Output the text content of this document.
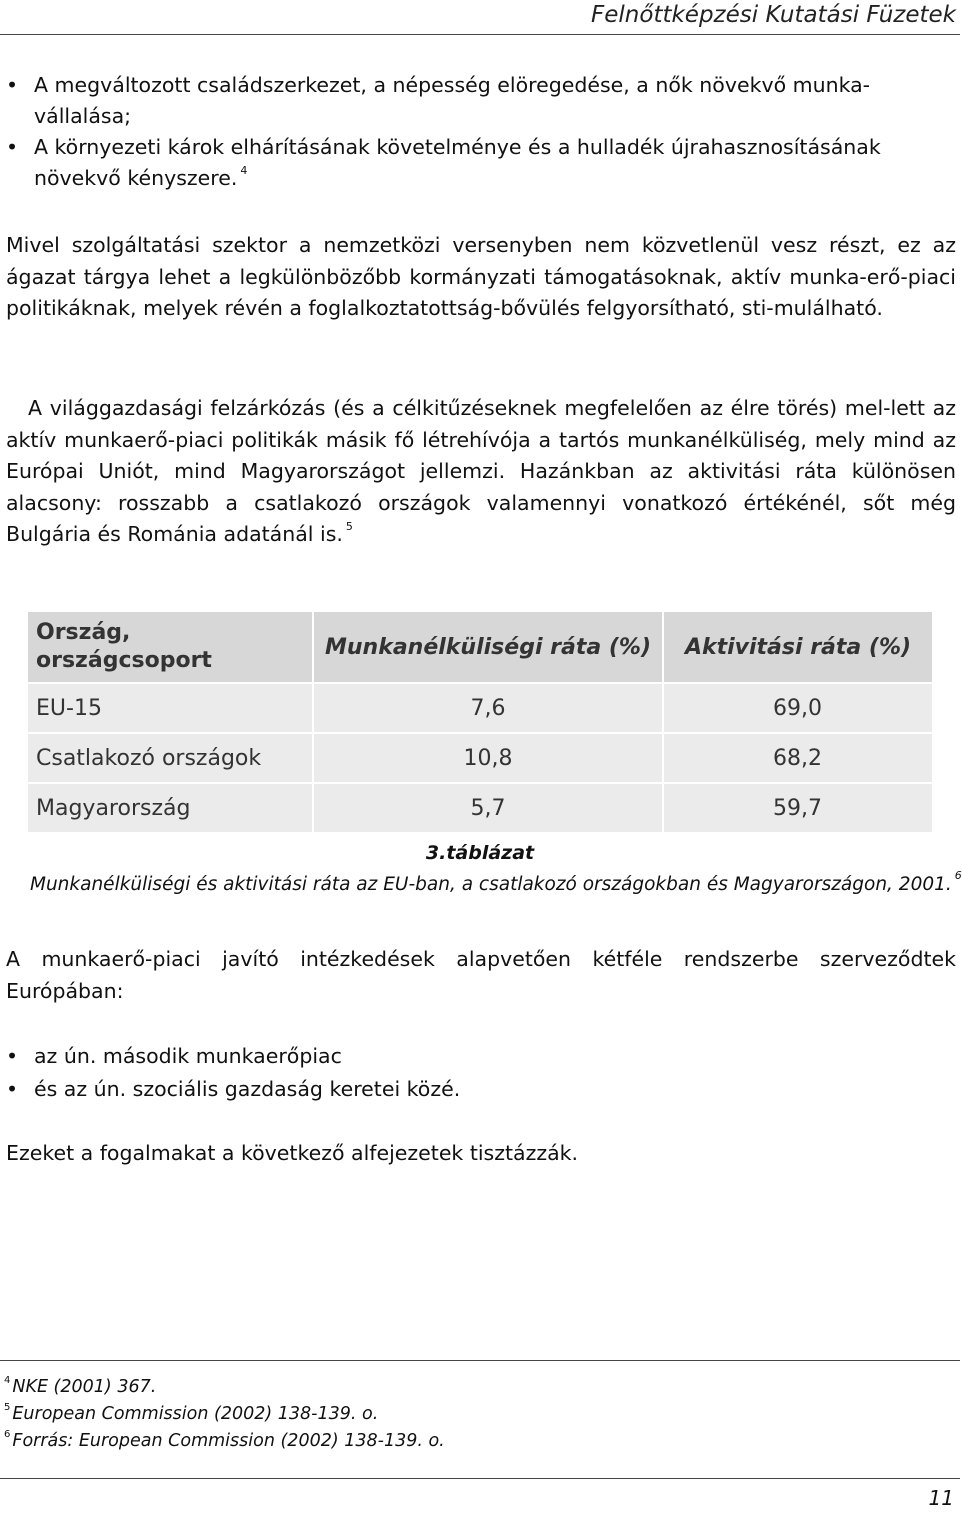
Felnőttképzési Kutatási Füzetek
• A megváltozott családszerkezet, a népesség elöregedése, a nők növekvő munka-vállalása;
• A környezeti károk elhárításának követelménye és a hulladék újrahasznosításának növekvő kényszere. $^4$

Mivel szolgáltatási szektor a nemzetközi versenyben nem közvetlenül vesz részt, ez az ágazat tárgya lehet a legkülönbözőbb kormányzati támogatásoknak, aktív munka-erő-piaci politikáknak, melyek révén a foglalkoztatottság-bővülés felgyorsítható, sti-mulálható.

A világgazdasági felzárkózás (és a célkitűzéseknek megfelelően az élre törés) mel-lett az aktív munkaerő-piaci politikák másik fő létrehívója a tartós munkanélküliség, mely mind az Európai Uniót, mind Magyarországot jellemzi. Hazánkban az aktivitási ráta különösen alacsony: rosszabb a csatlakozó országok valamennyi vonatkozó értékénél, sőt még Bulgária és Románia adatánál is. $^5$

Ország, országcsoport	Munkanélküliségi ráta (%)	Aktivitási ráta (%)
EU-15	7,6	69,0
Csatlakozó országok	10,8	68,2
Magyarország	5,7	59,7
3.táblázat
Munkanélküliségi és aktivitási ráta az EU-ban, a csatlakozó országokban és Magyarországon, 2001. $^6$

A munkaerő-piaci javító intézkedések alapvetően kétféle rendszerbe szerveződtek Európában:

• az ún. második munkaerőpiac
• és az ún. szociális gazdaság keretei közé.

Ezeket a fogalmakat a következő alfejezetek tisztázzák.

$^4$ NKE (2001) 367.
$^5$ European Commission (2002) 138-139. o.
$^6$ Forrás: European Commission (2002) 138-139. o.
11
